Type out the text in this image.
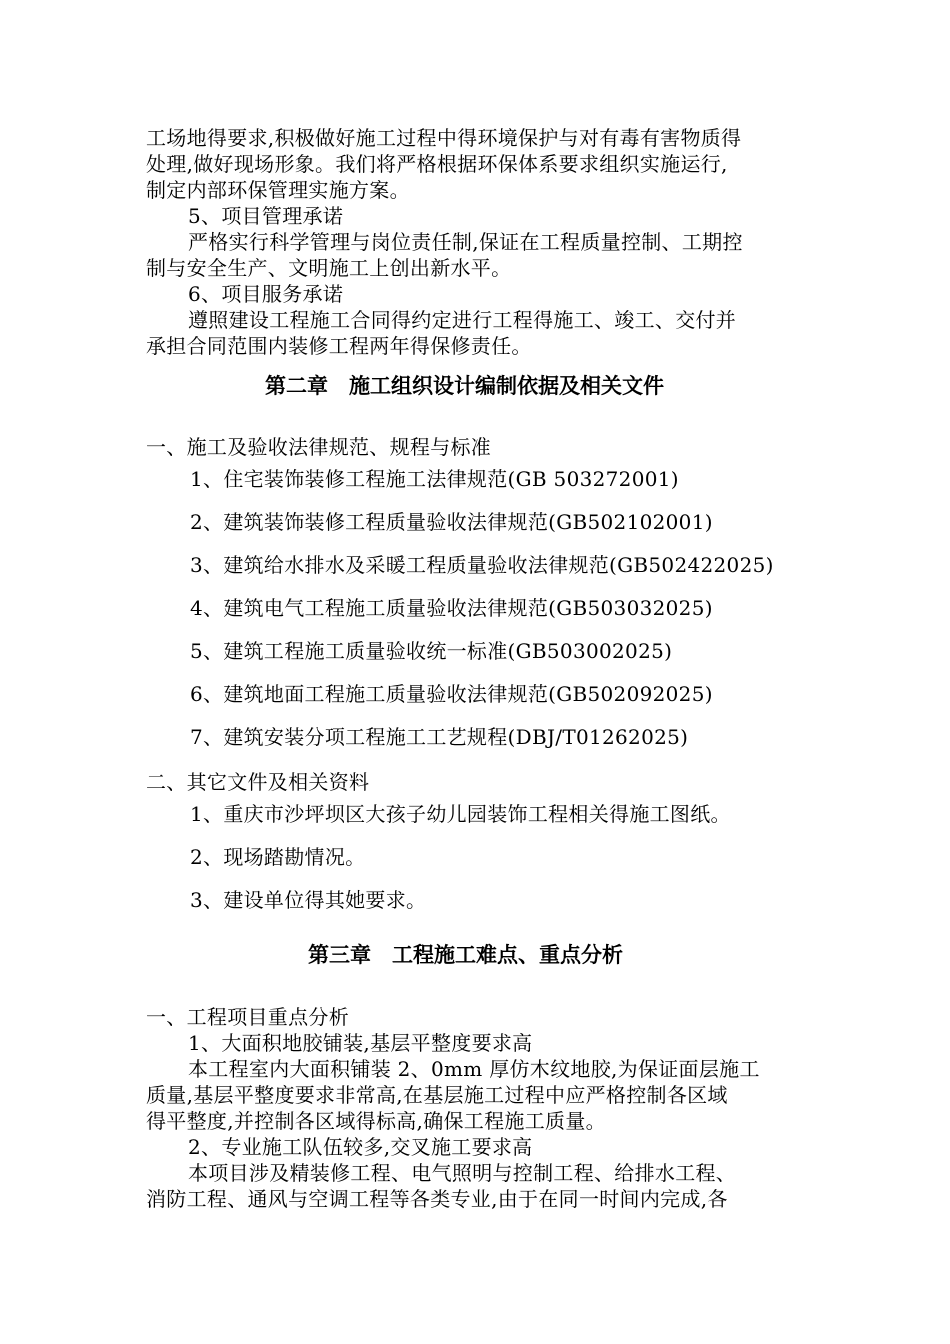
工场地得要求,积极做好施工过程中得环境保护与对有毒有害物质得
处理,做好现场形象。我们将严格根据环保体系要求组织实施运行,
制定内部环保管理实施方案。
5、项目管理承诺
严格实行科学管理与岗位责任制,保证在工程质量控制、工期控
制与安全生产、文明施工上创出新水平。
6、项目服务承诺
遵照建设工程施工合同得约定进行工程得施工、竣工、交付并
承担合同范围内装修工程两年得保修责任。
第二章　施工组织设计编制依据及相关文件
一、施工及验收法律规范、规程与标准
1、住宅装饰装修工程施工法律规范(GB 503272001)
2、建筑装饰装修工程质量验收法律规范(GB502102001)
3、建筑给水排水及采暖工程质量验收法律规范(GB502422025)
4、建筑电气工程施工质量验收法律规范(GB503032025)
5、建筑工程施工质量验收统一标准(GB503002025)
6、建筑地面工程施工质量验收法律规范(GB502092025)
7、建筑安装分项工程施工工艺规程(DBJ/T01262025)
二、其它文件及相关资料
1、重庆市沙坪坝区大孩子幼儿园装饰工程相关得施工图纸。
2、现场踏勘情况。
3、建设单位得其她要求。
第三章　工程施工难点、重点分析
一、工程项目重点分析
1、大面积地胶铺装,基层平整度要求高
本工程室内大面积铺装 2、0mm 厚仿木纹地胶,为保证面层施工
质量,基层平整度要求非常高,在基层施工过程中应严格控制各区域
得平整度,并控制各区域得标高,确保工程施工质量。
2、专业施工队伍较多,交叉施工要求高
本项目涉及精装修工程、电气照明与控制工程、给排水工程、
消防工程、通风与空调工程等各类专业,由于在同一时间内完成,各
